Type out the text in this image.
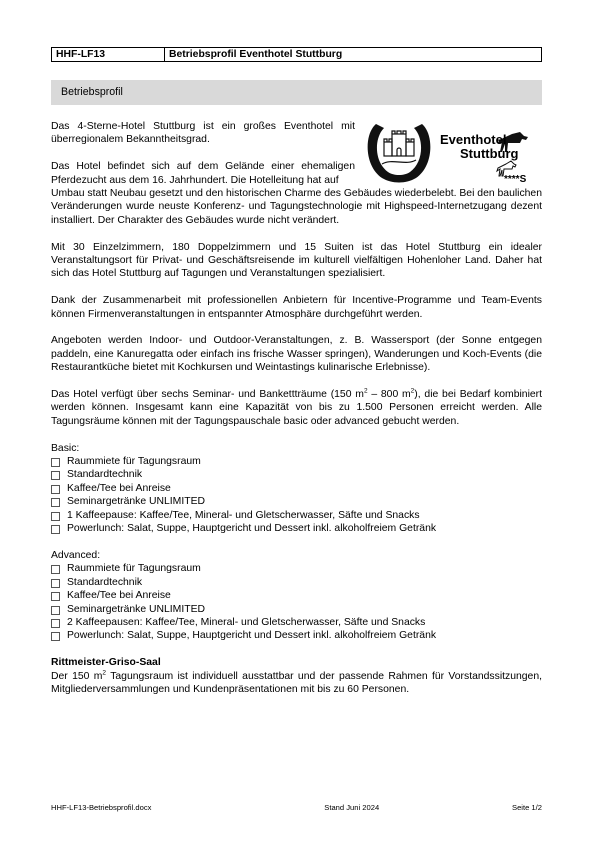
HHF-LF13	Betriebsprofil Eventhotel Stuttburg
Betriebsprofil
Eventhotel
Stuttburg
****S

Das 4-Sterne-Hotel Stuttburg ist ein großes Eventhotel mit überregionalem Bekanntheitsgrad.

Das Hotel befindet sich auf dem Gelände einer ehemaligen Pferdezucht aus dem 16. Jahrhundert. Die Hotelleitung hat auf
Umbau statt Neubau gesetzt und den historischen Charme des Gebäudes wiederbelebt. Bei den baulichen Veränderungen wurde neuste Konferenz- und Tagungstechnologie mit Highspeed-Internetzugang dezent installiert. Der Charakter des Gebäudes wurde nicht verändert.

Mit 30 Einzelzimmern, 180 Doppelzimmern und 15 Suiten ist das Hotel Stuttburg ein idealer Veranstaltungsort für Privat- und Geschäftsreisende im kulturell vielfältigen Hohenloher Land. Daher hat sich das Hotel Stuttburg auf Tagungen und Veranstaltungen spezialisiert.

Dank der Zusammenarbeit mit professionellen Anbietern für Incentive-Programme und Team-Events können Firmenveranstaltungen in entspannter Atmosphäre durchgeführt werden.

Angeboten werden Indoor- und Outdoor-Veranstaltungen, z. B. Wassersport (der Sonne entgegen paddeln, eine Kanuregatta oder einfach ins frische Wasser springen), Wanderungen und Koch-Events (die Restaurantküche bietet mit Kochkursen und Weintastings kulinarische Erlebnisse).

Das Hotel verfügt über sechs Seminar- und Bankettträume (150 $m^2 - 800$ $m^2$), die bei Bedarf kombiniert werden können. Insgesamt kann eine Kapazität von bis zu 1.500 Personen erreicht werden. Alle Tagungsräume können mit der Tagungspauschale basic oder advanced gebucht werden.

Basic:
Raummiete für Tagungsraum
Standardtechnik
Kaffee/Tee bei Anreise
Seminargetränke UNLIMITED
1 Kaffeepause: Kaffee/Tee, Mineral- und Gletscherwasser, Säfte und Snacks
Powerlunch: Salat, Suppe, Hauptgericht und Dessert inkl. alkoholfreiem Getränk
Advanced:
Raummiete für Tagungsraum
Standardtechnik
Kaffee/Tee bei Anreise
Seminargetränke UNLIMITED
2 Kaffeepausen: Kaffee/Tee, Mineral- und Gletscherwasser, Säfte und Snacks
Powerlunch: Salat, Suppe, Hauptgericht und Dessert inkl. alkoholfreiem Getränk
Rittmeister-Griso-Saal

Der 150 $m^2$ Tagungsraum ist individuell ausstattbar und der passende Rahmen für Vorstandssitzungen, Mitgliederversammlungen und Kundenpräsentationen mit bis zu 60 Personen.

HHF-LF13-Betriebsprofil.docx	Stand Juni 2024	Seite 1/2
